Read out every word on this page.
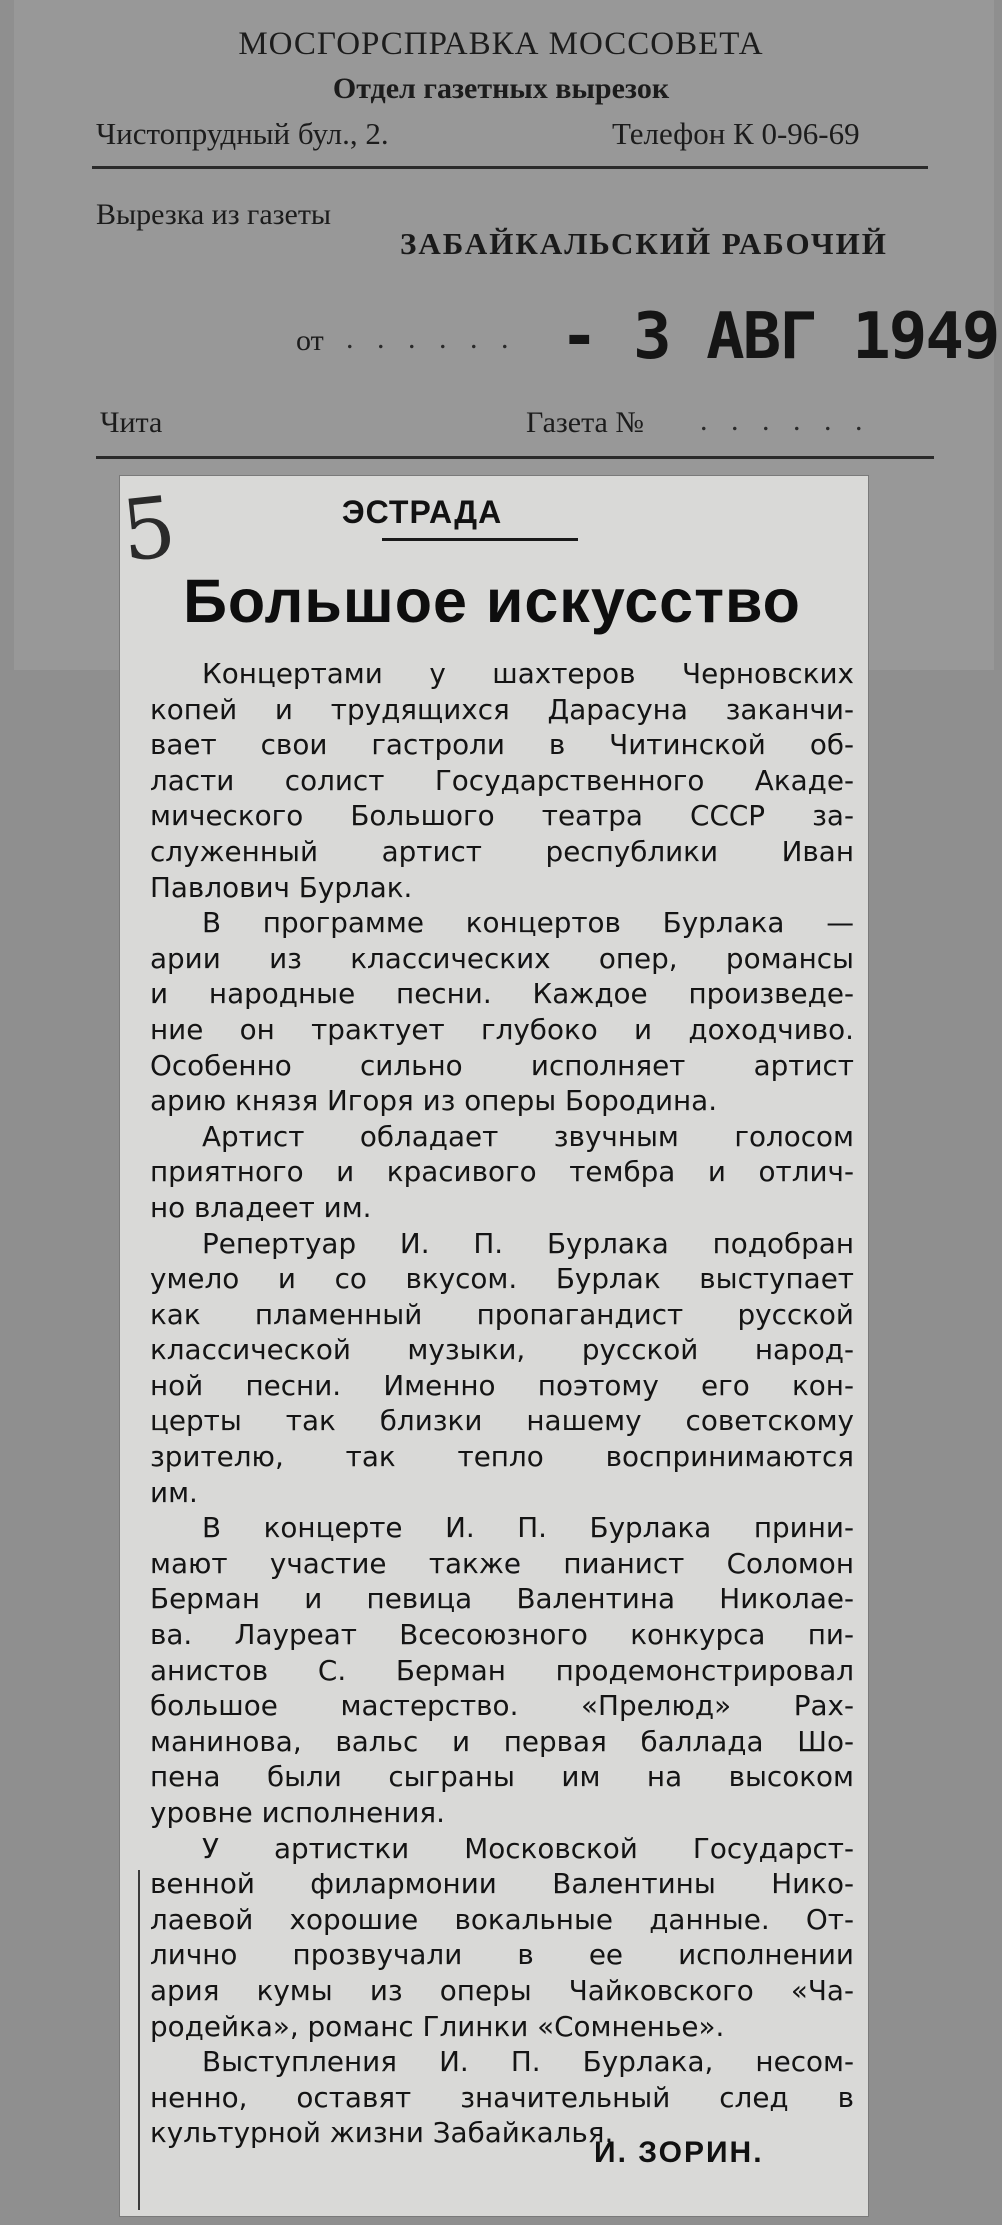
МОСГОРСПРАВКА МОССОВЕТА
Отдел газетных вырезок
Чистопрудный бул., 2.	Телефон К 0-96-69
Вырезка из газеты
ЗАБАЙКАЛЬСКИЙ РАБОЧИЙ
от . . . . . . - 3 АВГ 1949
Чита	Газета № . . . . . .
5	ЭСТРАДА
Большое искусство
Концертами у шахтеров Черновских
копей и трудящихся Дарасуна заканчи-
вает свои гастроли в Читинской об-
ласти солист Государственного Акаде-
мического Большого театра СССР за-
служенный артист республики Иван
Павлович Бурлак.
В программе концертов Бурлака —
арии из классических опер, романсы
и народные песни. Каждое произведе-
ние он трактует глубоко и доходчиво.
Особенно сильно исполняет артист
арию князя Игоря из оперы Бородина.
Артист обладает звучным голосом
приятного и красивого тембра и отлич-
но владеет им.
Репертуар И. П. Бурлака подобран
умело и со вкусом. Бурлак выступает
как пламенный пропагандист русской
классической музыки, русской народ-
ной песни. Именно поэтому его кон-
церты так близки нашему советскому
зрителю, так тепло воспринимаются
им.
В концерте И. П. Бурлака прини-
мают участие также пианист Соломон
Берман и певица Валентина Николае-
ва. Лауреат Всесоюзного конкурса пи-
анистов С. Берман продемонстрировал
большое мастерство. «Прелюд» Рах-
манинова, вальс и первая баллада Шо-
пена были сыграны им на высоком
уровне исполнения.
У артистки Московской Государст-
венной филармонии Валентины Нико-
лаевой хорошие вокальные данные. От-
лично прозвучали в ее исполнении
ария кумы из оперы Чайковского «Ча-
родейка», романс Глинки «Сомненье».
Выступления И. П. Бурлака, несом-
ненно, оставят значительный след в
культурной жизни Забайкалья.
И. ЗОРИН.
